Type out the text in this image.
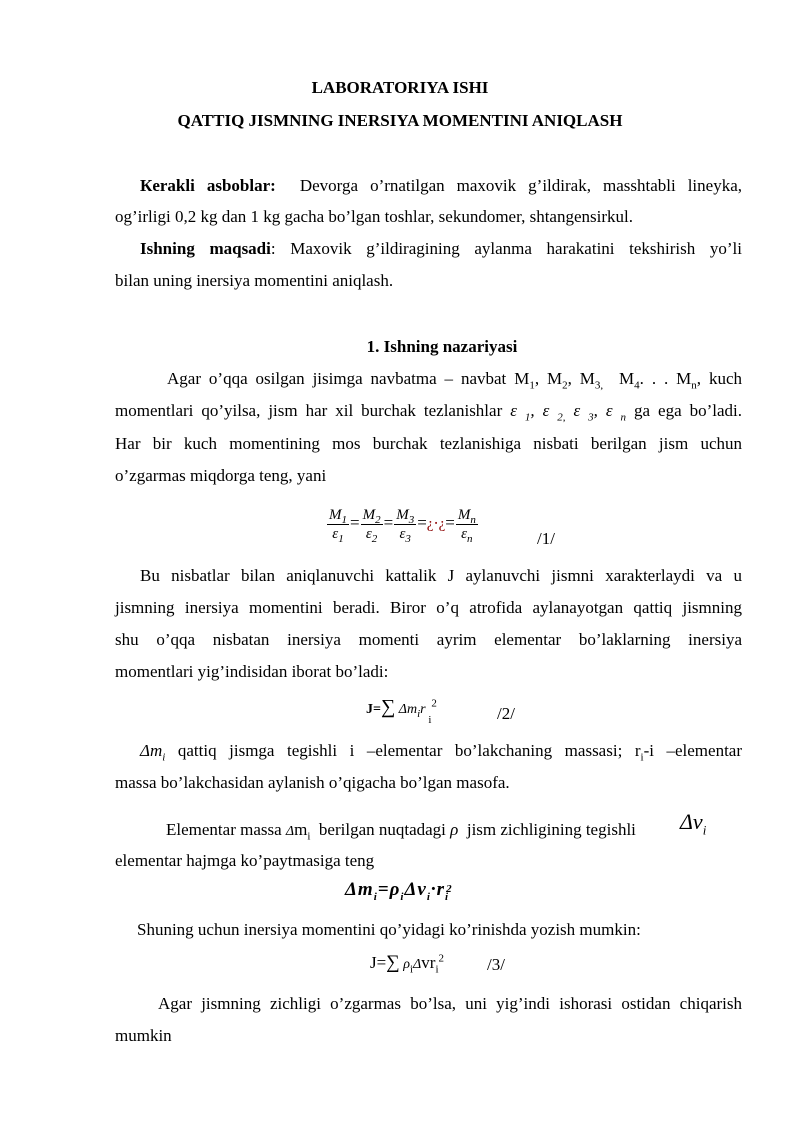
LABORATORIYA ISHI
QATTIQ JISMNING INERSIYA MOMENTINI ANIQLASH
Кerakli asboblar: Devorga o’rnatilgan maxovik g’ildirak, masshtabli lineyka,
og’irligi 0,2 kg dan 1 kg gacha bo’lgan toshlar, sekundomer, shtangensirkul.
Ishning maqsadi: Maxovik g’ildiragining aylanma harakatini tekshirish yo’li
bilan uning inersiya momentini aniqlash.
1. Ishning nazariyasi
Agar o’qqa osilgan jisimga navbatma – navbat $M_1$, $M_2$, $M_{3,}$ $M_4$. . . $M_n$, kuch
momentlari qo’yilsa, jism har xil burchak tezlanishlar ε $_1$, ε $_{2,}$ ε $_3$, ε $_n$ ga ega bo’ladi.
Har bir kuch momentining mos burchak tezlanishiga nisbati berilgan jism uchun
o’zgarmas miqdorga teng, yani
$\frac{M_1}{\varepsilon_1} = \frac{M_2}{\varepsilon_2} = \frac{M_3}{\varepsilon_3}$ =¿⋅¿= $\frac{M_n}{\varepsilon_n}$	/1/
Bu nisbatlar bilan aniqlanuvchi kattalik J aylanuvchi jismni xarakterlaydi va u
jismning inersiya momentini beradi. Biror o’q atrofida aylanayotgan qattiq jismning
shu o’qqa nisbatan inersiya momenti ayrim elementar bo’laklarning inersiya
momentlari yig’indisidan iborat bo’ladi:
J=∑ $\Delta m_ir$ $_i^2$
/2/
$\Delta m_i$ qattiq jismga tegishli i –elementar bo’lakchaning massasi; $r_i-i$ –elementar
massa bo’lakchasidan aylanish o’qigacha bo’lgan masofa.
Elementar massa $\Delta m_i$ berilgan nuqtadagi ρ jism zichligining tegishli $\Delta v_i$
elementar hajmga ko’paytmasiga teng
$\Delta m_i=\rho_i\Delta v_i\cdot r_i^2$
Shuning uchun inersiya momentini qo’yidagi ko’rinishda yozish mumkin:
J=∑ $\rho_i\Delta vr_i^2$	/3/
Agar jismning zichligi o’zgarmas bo’lsa, uni yig’indi ishorasi ostidan chiqarish
mumkin
